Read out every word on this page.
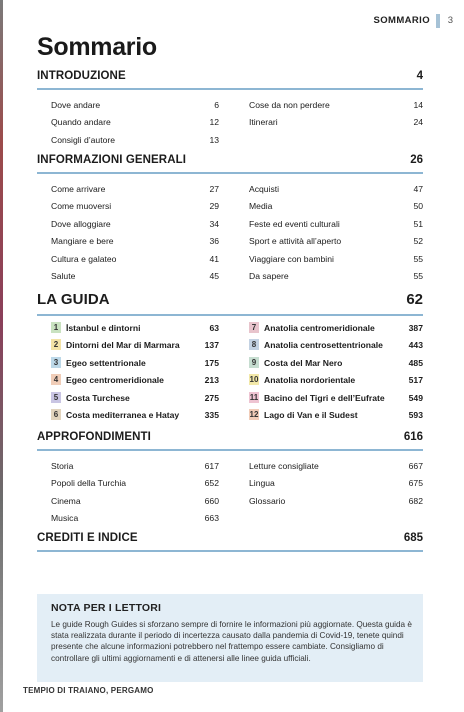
SOMMARIO 3
Sommario
INTRODUZIONE	4
Dove andare	6
Quando andare	12
Consigli d’autore	13
Cose da non perdere	14
Itinerari	24
INFORMAZIONI GENERALI	26
Come arrivare	27
Come muoversi	29
Dove alloggiare	34
Mangiare e bere	36
Cultura e galateo	41
Salute	45
Acquisti	47
Media	50
Feste ed eventi culturali	51
Sport e attività all’aperto	52
Viaggiare con bambini	55
Da sapere	55
LA GUIDA	62
1 İstanbul e dintorni	63
2 Dintorni del Mar di Marmara	137
3 Egeo settentrionale	175
4 Egeo centromeridionale	213
5 Costa Turchese	275
6 Costa mediterranea e Hatay	335
7 Anatolia centromeridionale	387
8 Anatolia centrosettentrionale	443
9 Costa del Mar Nero	485
10 Anatolia nordorientale	517
11 Bacino del Tigri e dell’Eufrate	549
12 Lago di Van e il Sudest	593
APPROFONDIMENTI	616
Storia	617
Popoli della Turchia	652
Cinema	660
Musica	663
Letture consigliate	667
Lingua	675
Glossario	682
CREDITI E INDICE	685
NOTA PER I LETTORI
Le guide Rough Guides si sforzano sempre di fornire le informazioni più aggiornate. Questa guida è stata realizzata durante il periodo di incertezza causato dalla pandemia di Covid-19, tenete quindi presente che alcune informazioni potrebbero nel frattempo essere cambiate. Consigliamo di controllare gli ultimi aggiornamenti e di attenersi alle linee guida ufficiali.
TEMPIO DI TRAIANO, PERGAMO
